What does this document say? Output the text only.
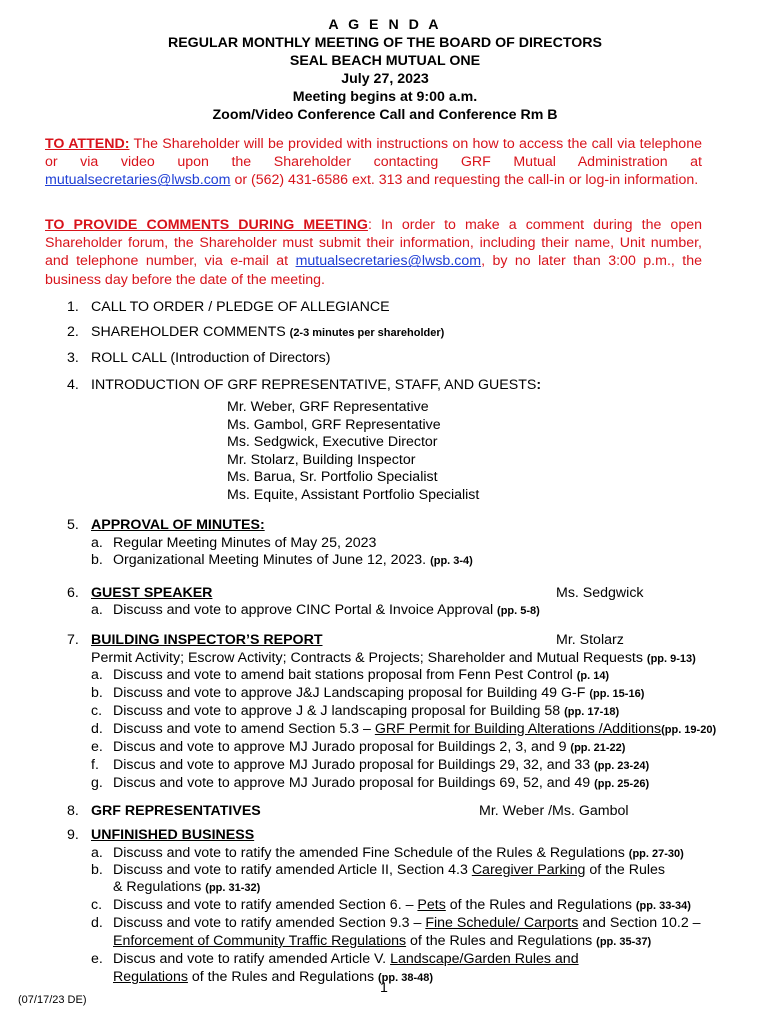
A G E N D A
REGULAR MONTHLY MEETING OF THE BOARD OF DIRECTORS
SEAL BEACH MUTUAL ONE
July 27, 2023
Meeting begins at 9:00 a.m.
Zoom/Video Conference Call and Conference Rm B
TO ATTEND: The Shareholder will be provided with instructions on how to access the call via telephone or via video upon the Shareholder contacting GRF Mutual Administration at mutualsecretaries@lwsb.com or (562) 431-6586 ext. 313 and requesting the call-in or log-in information.
TO PROVIDE COMMENTS DURING MEETING: In order to make a comment during the open Shareholder forum, the Shareholder must submit their information, including their name, Unit number, and telephone number, via e-mail at mutualsecretaries@lwsb.com, by no later than 3:00 p.m., the business day before the date of the meeting.
1. CALL TO ORDER / PLEDGE OF ALLEGIANCE
2. SHAREHOLDER COMMENTS (2-3 minutes per shareholder)
3. ROLL CALL (Introduction of Directors)
4. INTRODUCTION OF GRF REPRESENTATIVE, STAFF, AND GUESTS:
Mr. Weber, GRF Representative
Ms. Gambol, GRF Representative
Ms. Sedgwick, Executive Director
Mr. Stolarz, Building Inspector
Ms. Barua, Sr. Portfolio Specialist
Ms. Equite, Assistant Portfolio Specialist
5. APPROVAL OF MINUTES:
a. Regular Meeting Minutes of May 25, 2023
b. Organizational Meeting Minutes of June 12, 2023. (pp. 3-4)
6. GUEST SPEAKER	Ms. Sedgwick
a. Discuss and vote to approve CINC Portal & Invoice Approval (pp. 5-8)
7. BUILDING INSPECTOR’S REPORT	Mr. Stolarz
Permit Activity; Escrow Activity; Contracts & Projects; Shareholder and Mutual Requests (pp. 9-13)
a. Discuss and vote to amend bait stations proposal from Fenn Pest Control (p. 14)
b. Discuss and vote to approve J&J Landscaping proposal for Building 49 G-F (pp. 15-16)
c. Discuss and vote to approve J & J landscaping proposal for Building 58 (pp. 17-18)
d. Discuss and vote to amend Section 5.3 – GRF Permit for Building Alterations /Additions(pp. 19-20)
e. Discus and vote to approve MJ Jurado proposal for Buildings 2, 3, and 9 (pp. 21-22)
f. Discus and vote to approve MJ Jurado proposal for Buildings 29, 32, and 33 (pp. 23-24)
g. Discus and vote to approve MJ Jurado proposal for Buildings 69, 52, and 49 (pp. 25-26)
8. GRF REPRESENTATIVES	Mr. Weber /Ms. Gambol
9. UNFINISHED BUSINESS
a. Discuss and vote to ratify the amended Fine Schedule of the Rules & Regulations (pp. 27-30)
b. Discuss and vote to ratify amended Article II, Section 4.3 Caregiver Parking of the Rules
& Regulations (pp. 31-32)
c. Discuss and vote to ratify amended Section 6. – Pets of the Rules and Regulations (pp. 33-34)
d. Discuss and vote to ratify amended Section 9.3 – Fine Schedule/ Carports and Section 10.2 –
Enforcement of Community Traffic Regulations of the Rules and Regulations (pp. 35-37)
e. Discus and vote to ratify amended Article V. Landscape/Garden Rules and
Regulations of the Rules and Regulations (pp. 38-48)
(07/17/23 DE)
1
